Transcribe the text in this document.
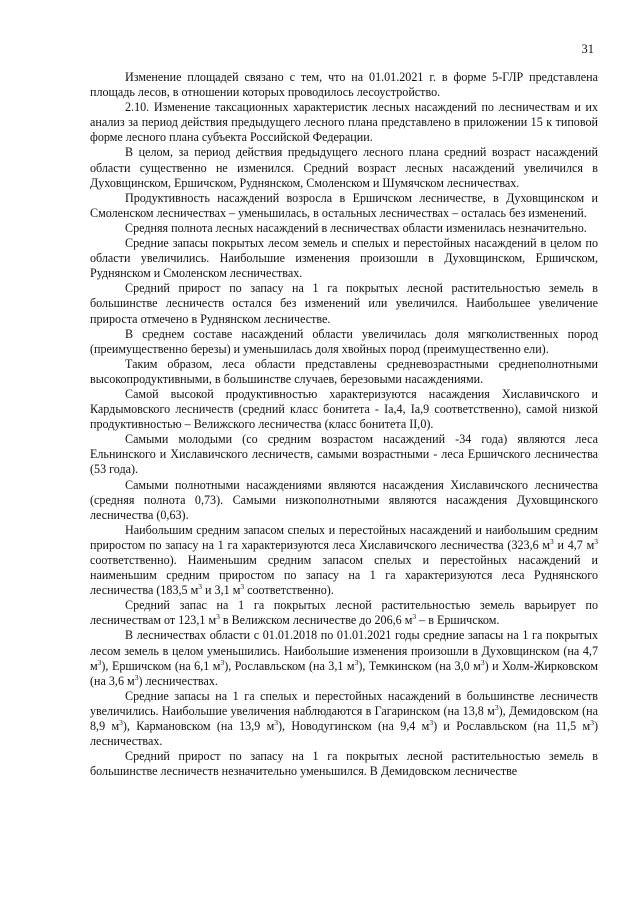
31

Изменение площадей связано с тем, что на 01.01.2021 г. в форме 5-ГЛР представлена площадь лесов, в отношении которых проводилось лесоустройство.

2.10. Изменение таксационных характеристик лесных насаждений по лесничествам и их анализ за период действия предыдущего лесного плана представлено в приложении 15 к типовой форме лесного плана субъекта Российской Федерации.

В целом, за период действия предыдущего лесного плана средний возраст насаждений области существенно не изменился. Средний возраст лесных насаждений увеличился в Духовщинском, Ершичском, Руднянском, Смоленском и Шумячском лесничествах.

Продуктивность насаждений возросла в Ершичском лесничестве, в Духовщинском и Смоленском лесничествах – уменьшилась, в остальных лесничествах – осталась без изменений.

Средняя полнота лесных насаждений в лесничествах области изменилась незначительно.

Средние запасы покрытых лесом земель и спелых и перестойных насаждений в целом по области увеличились. Наибольшие изменения произошли в Духовщинском, Ершичском, Руднянском и Смоленском лесничествах.

Средний прирост по запасу на 1 га покрытых лесной растительностью земель в большинстве лесничеств остался без изменений или увеличился. Наибольшее увеличение прироста отмечено в Руднянском лесничестве.

В среднем составе насаждений области увеличилась доля мягколиственных пород (преимущественно березы) и уменьшилась доля хвойных пород (преимущественно ели).

Таким образом, леса области представлены средневозрастными среднеполнотными высокопродуктивными, в большинстве случаев, березовыми насаждениями.

Самой высокой продуктивностью характеризуются насаждения Хиславичского и Кардымовского лесничеств (средний класс бонитета - Iа,4, Iа,9 соответственно), самой низкой продуктивностью – Велижского лесничества (класс бонитета II,0).

Самыми молодыми (со средним возрастом насаждений -34 года) являются леса Ельнинского и Хиславичского лесничеств, самыми возрастными - леса Ершичского лесничества (53 года).

Самыми полнотными насаждениями являются насаждения Хиславичского лесничества (средняя полнота 0,73). Самыми низкополнотными являются насаждения Духовщинского лесничества (0,63).

Наибольшим средним запасом спелых и перестойных насаждений и наибольшим средним приростом по запасу на 1 га характеризуются леса Хиславичского лесничества (323,6 $м^3$ и 4,7 $м^3$ соответственно). Наименьшим средним запасом спелых и перестойных насаждений и наименьшим средним приростом по запасу на 1 га характеризуются леса Руднянского лесничества (183,5 $м^3$ и 3,1 $м^3$ соответственно).

Средний запас на 1 га покрытых лесной растительностью земель варьирует по лесничествам от 123,1 $м^3$ в Велижском лесничестве до 206,6 $м^3$ – в Ершичском.

В лесничествах области с 01.01.2018 по 01.01.2021 годы средние запасы на 1 га покрытых лесом земель в целом уменьшились. Наибольшие изменения произошли в Духовщинском (на 4,7 $м^3$), Ершичском (на 6,1 $м^3$), Рославльском (на 3,1 $м^3$), Темкинском (на 3,0 $м^3$) и Холм-Жирковском (на 3,6 $м^3$) лесничествах.

Средние запасы на 1 га спелых и перестойных насаждений в большинстве лесничеств увеличились. Наибольшие увеличения наблюдаются в Гагаринском (на 13,8 $м^3$), Демидовском (на 8,9 $м^3$), Кармановском (на 13,9 $м^3$), Новодугинском (на 9,4 $м^3$) и Рославльском (на 11,5 $м^3$) лесничествах.

Средний прирост по запасу на 1 га покрытых лесной растительностью земель в большинстве лесничеств незначительно уменьшился. В Демидовском лесничестве
